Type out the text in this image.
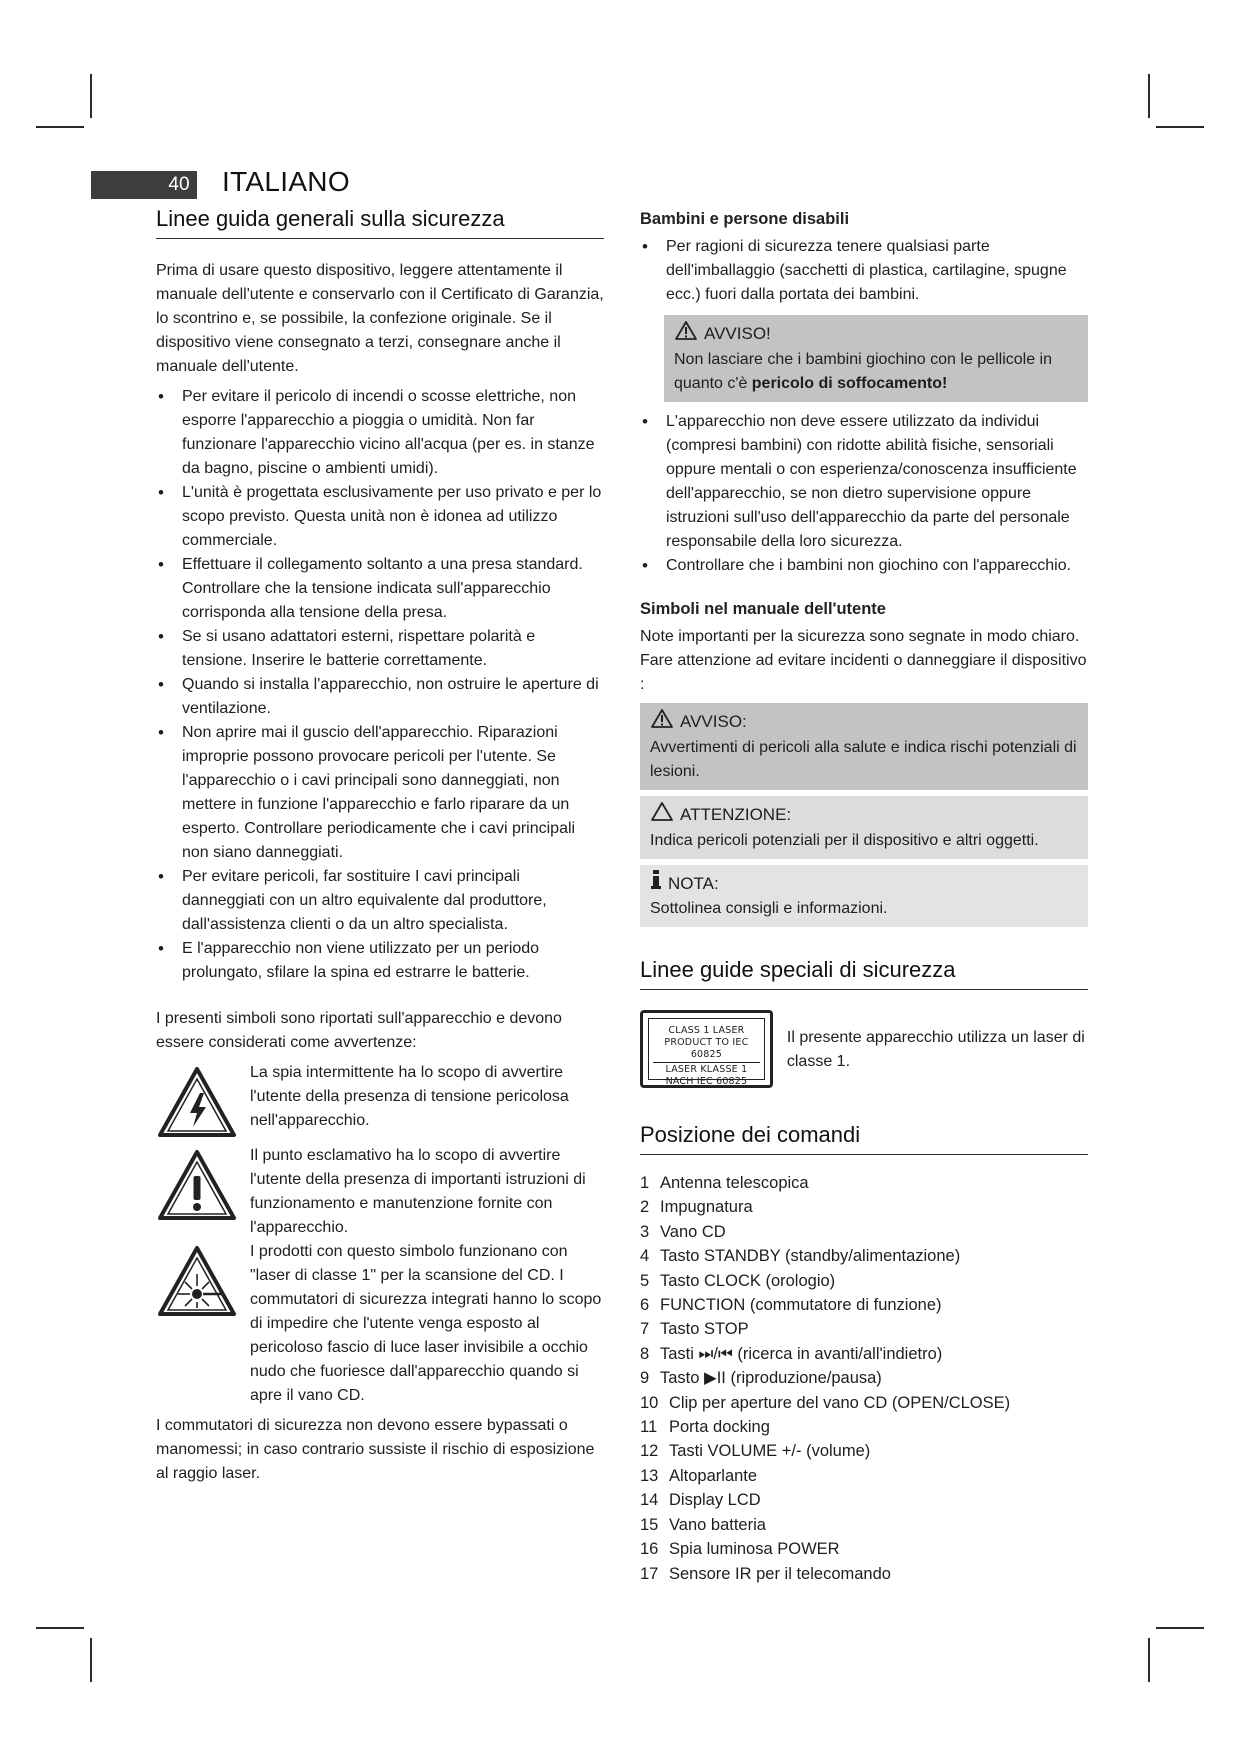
40	ITALIANO
Linee guida generali sulla sicurezza

Prima di usare questo dispositivo, leggere attentamente il manuale dell'utente e conservarlo con il Certificato di Garanzia, lo scontrino e, se possibile, la confezione originale. Se il dispositivo viene consegnato a terzi, consegnare anche il manuale dell'utente.

• Per evitare il pericolo di incendi o scosse elettriche, non esporre l'apparecchio a pioggia o umidità. Non far funzionare l'apparecchio vicino all'acqua (per es. in stanze da bagno, piscine o ambienti umidi).
• L'unità è progettata esclusivamente per uso privato e per lo scopo previsto. Questa unità non è idonea ad utilizzo commerciale.
• Effettuare il collegamento soltanto a una presa standard. Controllare che la tensione indicata sull'apparecchio corrisponda alla tensione della presa.
• Se si usano adattatori esterni, rispettare polarità e tensione. Inserire le batterie correttamente.
• Quando si installa l'apparecchio, non ostruire le aperture di ventilazione.
• Non aprire mai il guscio dell'apparecchio. Riparazioni improprie possono provocare pericoli per l'utente. Se l'apparecchio o i cavi principali sono danneggiati, non mettere in funzione l'apparecchio e farlo riparare da un esperto. Controllare periodicamente che i cavi principali non siano danneggiati.
• Per evitare pericoli, far sostituire I cavi principali danneggiati con un altro equivalente dal produttore, dall'assistenza clienti o da un altro specialista.
• E l'apparecchio non viene utilizzato per un periodo prolungato, sfilare la spina ed estrarre le batterie.

I presenti simboli sono riportati sull'apparecchio e devono essere considerati come avvertenze:

La spia intermittente ha lo scopo di avvertire l'utente della presenza di tensione pericolosa nell'apparecchio.
Il punto esclamativo ha lo scopo di avvertire l'utente della presenza di importanti istruzioni di funzionamento e manutenzione fornite con l'apparecchio.
I prodotti con questo simbolo funzionano con "laser di classe 1" per la scansione del CD. I commutatori di sicurezza integrati hanno lo scopo di impedire che l'utente venga esposto al pericoloso fascio di luce laser invisibile a occhio nudo che fuoriesce dall'apparecchio quando si apre il vano CD.

I commutatori di sicurezza non devono essere bypassati o manomessi; in caso contrario sussiste il rischio di esposizione al raggio laser.

Bambini e persone disabili
• Per ragioni di sicurezza tenere qualsiasi parte dell'imballaggio (sacchetti di plastica, cartilagine, spugne ecc.) fuori dalla portata dei bambini.
AVVISO!

Non lasciare che i bambini giochino con le pellicole in quanto c'è pericolo di soffocamento!

• L'apparecchio non deve essere utilizzato da individui (compresi bambini) con ridotte abilità fisiche, sensoriali oppure mentali o con esperienza/conoscenza insufficiente dell'apparecchio, se non dietro supervisione oppure istruzioni sull'uso dell'apparecchio da parte del personale responsabile della loro sicurezza.
• Controllare che i bambini non giochino con l'apparecchio.
Simboli nel manuale dell'utente

Note importanti per la sicurezza sono segnate in modo chiaro. Fare attenzione ad evitare incidenti o danneggiare il dispositivo :

AVVISO:

Avvertimenti di pericoli alla salute e indica rischi potenziali di lesioni.

ATTENZIONE:

Indica pericoli potenziali per il dispositivo e altri oggetti.

NOTA:

Sottolinea consigli e informazioni.

Linee guide speciali di sicurezza
CLASS 1 LASER
PRODUCT TO IEC 60825
LASER KLASSE 1
NACH IEC 60825

Il presente apparecchio utilizza un laser di classe 1.

Posizione dei comandi
1 Antenna telescopica
2 Impugnatura
3 Vano CD
4 Tasto STANDBY (standby/alimentazione)
5 Tasto CLOCK (orologio)
6 FUNCTION (commutatore di funzione)
7 Tasto STOP
8 Tasti ⏭/⏮ (ricerca in avanti/all'indietro)
9 Tasto ▶II (riproduzione/pausa)
10 Clip per aperture del vano CD (OPEN/CLOSE)
11 Porta docking
12 Tasti VOLUME +/- (volume)
13 Altoparlante
14 Display LCD
15 Vano batteria
16 Spia luminosa POWER
17 Sensore IR per il telecomando
